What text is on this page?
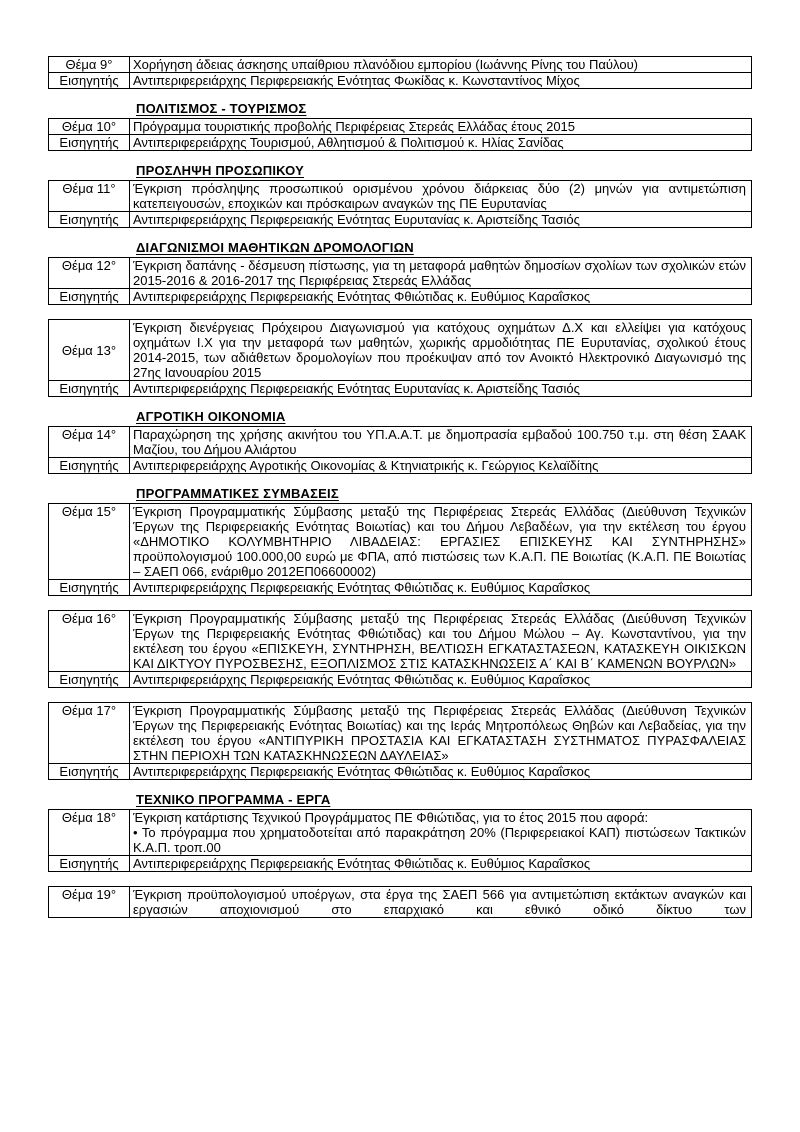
Θέμα 9°	Χορήγηση άδειας άσκησης υπαίθριου πλανόδιου εμπορίου (Ιωάννης Ρίνης του Παύλου)
Εισηγητής	Αντιπεριφερειάρχης Περιφερειακής Ενότητας Φωκίδας κ. Κωνσταντίνος Μίχος
ΠΟΛΙΤΙΣΜΟΣ - ΤΟΥΡΙΣΜΟΣ
Θέμα 10°	Πρόγραμμα τουριστικής προβολής Περιφέρειας Στερεάς Ελλάδας έτους 2015
Εισηγητής	Αντιπεριφερειάρχης Τουρισμού, Αθλητισμού & Πολιτισμού κ. Ηλίας Σανίδας
ΠΡΟΣΛΗΨΗ ΠΡΟΣΩΠΙΚΟΥ
Θέμα 11°	Έγκριση πρόσληψης προσωπικού ορισμένου χρόνου διάρκειας δύο (2) μηνών για αντιμετώπιση κατεπειγουσών, εποχικών και πρόσκαιρων αναγκών της ΠΕ Ευρυτανίας
Εισηγητής	Αντιπεριφερειάρχης Περιφερειακής Ενότητας Ευρυτανίας κ. Αριστείδης Τασιός
ΔΙΑΓΩΝΙΣΜΟΙ ΜΑΘΗΤΙΚΩΝ ΔΡΟΜΟΛΟΓΙΩΝ
Θέμα 12°	Έγκριση δαπάνης - δέσμευση πίστωσης, για τη μεταφορά μαθητών δημοσίων σχολίων των σχολικών ετών 2015-2016 & 2016-2017 της Περιφέρειας Στερεάς Ελλάδας
Εισηγητής	Αντιπεριφερειάρχης Περιφερειακής Ενότητας Φθιώτιδας κ. Ευθύμιος Καραΐσκος
Θέμα 13°	Έγκριση διενέργειας Πρόχειρου Διαγωνισμού για κατόχους οχημάτων Δ.Χ και ελλείψει για κατόχους οχημάτων Ι.Χ για την μεταφορά των μαθητών, χωρικής αρμοδιότητας ΠΕ Ευρυτανίας, σχολικού έτους 2014-2015, των αδιάθετων δρομολογίων που προέκυψαν από τον Ανοικτό Ηλεκτρονικό Διαγωνισμό της 27ης Ιανουαρίου 2015
Εισηγητής	Αντιπεριφερειάρχης Περιφερειακής Ενότητας Ευρυτανίας κ. Αριστείδης Τασιός
ΑΓΡΟΤΙΚΗ ΟΙΚΟΝΟΜΙΑ
Θέμα 14°	Παραχώρηση της χρήσης ακινήτου του ΥΠ.Α.Α.Τ. με δημοπρασία εμβαδού 100.750 τ.μ. στη θέση ΣΑΑΚ Μαζίου, του Δήμου Αλιάρτου
Εισηγητής	Αντιπεριφερειάρχης Αγροτικής Οικονομίας & Κτηνιατρικής κ. Γεώργιος Κελαϊδίτης
ΠΡΟΓΡΑΜΜΑΤΙΚΕΣ ΣΥΜΒΑΣΕΙΣ
Θέμα 15°	Έγκριση Προγραμματικής Σύμβασης μεταξύ της Περιφέρειας Στερεάς Ελλάδας (Διεύθυνση Τεχνικών Έργων της Περιφερειακής Ενότητας Βοιωτίας) και του Δήμου Λεβαδέων, για την εκτέλεση του έργου «ΔΗΜΟΤΙΚΟ ΚΟΛΥΜΒΗΤΗΡΙΟ ΛΙΒΑΔΕΙΑΣ: ΕΡΓΑΣΙΕΣ ΕΠΙΣΚΕΥΗΣ ΚΑΙ ΣΥΝΤΗΡΗΣΗΣ» προϋπολογισμού 100.000,00 ευρώ με ΦΠΑ, από πιστώσεις των Κ.Α.Π. ΠΕ Βοιωτίας (Κ.Α.Π. ΠΕ Βοιωτίας – ΣΑΕΠ 066, ενάριθμο 2012ΕΠ06600002)
Εισηγητής	Αντιπεριφερειάρχης Περιφερειακής Ενότητας Φθιώτιδας κ. Ευθύμιος Καραΐσκος
Θέμα 16°	Έγκριση Προγραμματικής Σύμβασης μεταξύ της Περιφέρειας Στερεάς Ελλάδας (Διεύθυνση Τεχνικών Έργων της Περιφερειακής Ενότητας Φθιώτιδας) και του Δήμου Μώλου – Αγ. Κωνσταντίνου, για την εκτέλεση του έργου «ΕΠΙΣΚΕΥΗ, ΣΥΝΤΗΡΗΣΗ, ΒΕΛΤΙΩΣΗ ΕΓΚΑΤΑΣΤΑΣΕΩΝ, ΚΑΤΑΣΚΕΥΗ ΟΙΚΙΣΚΩΝ ΚΑΙ ΔΙΚΤΥΟΥ ΠΥΡΟΣΒΕΣΗΣ, ΕΞΟΠΛΙΣΜΟΣ ΣΤΙΣ ΚΑΤΑΣΚΗΝΩΣΕΙΣ Α΄ ΚΑΙ Β΄ ΚΑΜΕΝΩΝ ΒΟΥΡΛΩΝ»
Εισηγητής	Αντιπεριφερειάρχης Περιφερειακής Ενότητας Φθιώτιδας κ. Ευθύμιος Καραΐσκος
Θέμα 17°	Έγκριση Προγραμματικής Σύμβασης μεταξύ της Περιφέρειας Στερεάς Ελλάδας (Διεύθυνση Τεχνικών Έργων της Περιφερειακής Ενότητας Βοιωτίας) και της Ιεράς Μητροπόλεως Θηβών και Λεβαδείας, για την εκτέλεση του έργου «ΑΝΤΙΠΥΡΙΚΗ ΠΡΟΣΤΑΣΙΑ ΚΑΙ ΕΓΚΑΤΑΣΤΑΣΗ ΣΥΣΤΗΜΑΤΟΣ ΠΥΡΑΣΦΑΛΕΙΑΣ ΣΤΗΝ ΠΕΡΙΟΧΗ ΤΩΝ ΚΑΤΑΣΚΗΝΩΣΕΩΝ ΔΑΥΛΕΙΑΣ»
Εισηγητής	Αντιπεριφερειάρχης Περιφερειακής Ενότητας Φθιώτιδας κ. Ευθύμιος Καραΐσκος
ΤΕΧΝΙΚΟ ΠΡΟΓΡΑΜΜΑ - ΕΡΓΑ
Θέμα 18°	Έγκριση κατάρτισης Τεχνικού Προγράμματος ΠΕ Φθιώτιδας, για το έτος 2015 που αφορά:
• Το πρόγραμμα που χρηματοδοτείται από παρακράτηση 20% (Περιφερειακοί ΚΑΠ) πιστώσεων Τακτικών Κ.Α.Π. τροπ.00

Εισηγητής	Αντιπεριφερειάρχης Περιφερειακής Ενότητας Φθιώτιδας κ. Ευθύμιος Καραΐσκος
Θέμα 19°	Έγκριση προϋπολογισμού υποέργων, στα έργα της ΣΑΕΠ 566 για αντιμετώπιση εκτάκτων αναγκών και εργασιών αποχιονισμού στο επαρχιακό και εθνικό οδικό δίκτυο των
